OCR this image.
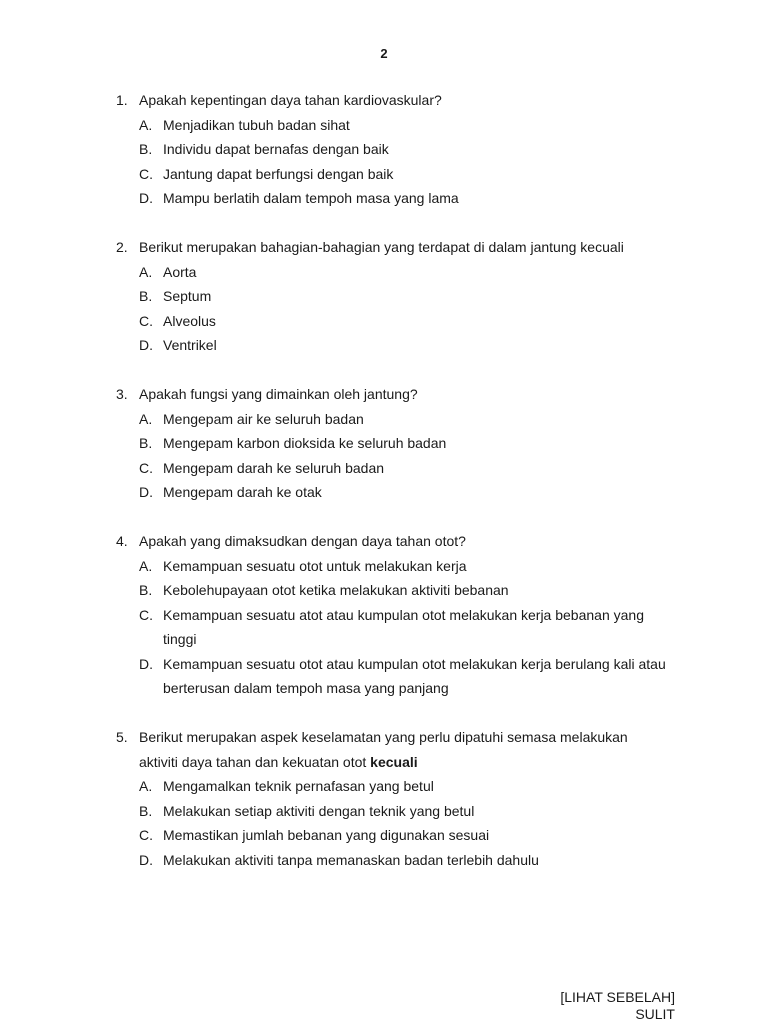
2
1. Apakah kepentingan daya tahan kardiovaskular?
A. Menjadikan tubuh badan sihat
B. Individu dapat bernafas dengan baik
C. Jantung dapat berfungsi dengan baik
D. Mampu berlatih dalam tempoh masa yang lama
2. Berikut merupakan bahagian-bahagian yang terdapat di dalam jantung kecuali
A. Aorta
B. Septum
C. Alveolus
D. Ventrikel
3. Apakah fungsi yang dimainkan oleh jantung?
A. Mengepam air ke seluruh badan
B. Mengepam karbon dioksida ke seluruh badan
C. Mengepam darah ke seluruh badan
D. Mengepam darah ke otak
4. Apakah yang dimaksudkan dengan daya tahan otot?
A. Kemampuan sesuatu otot untuk melakukan kerja
B. Kebolehupayaan otot ketika melakukan aktiviti bebanan
C. Kemampuan sesuatu atot atau kumpulan otot melakukan kerja bebanan yang
tinggi
D. Kemampuan sesuatu otot atau kumpulan otot melakukan kerja berulang kali atau
berterusan dalam tempoh masa yang panjang
5. Berikut merupakan aspek keselamatan yang perlu dipatuhi semasa melakukan
aktiviti daya tahan dan kekuatan otot kecuali
A. Mengamalkan teknik pernafasan yang betul
B. Melakukan setiap aktiviti dengan teknik yang betul
C. Memastikan jumlah bebanan yang digunakan sesuai
D. Melakukan aktiviti tanpa memanaskan badan terlebih dahulu
[LIHAT SEBELAH]
SULIT
